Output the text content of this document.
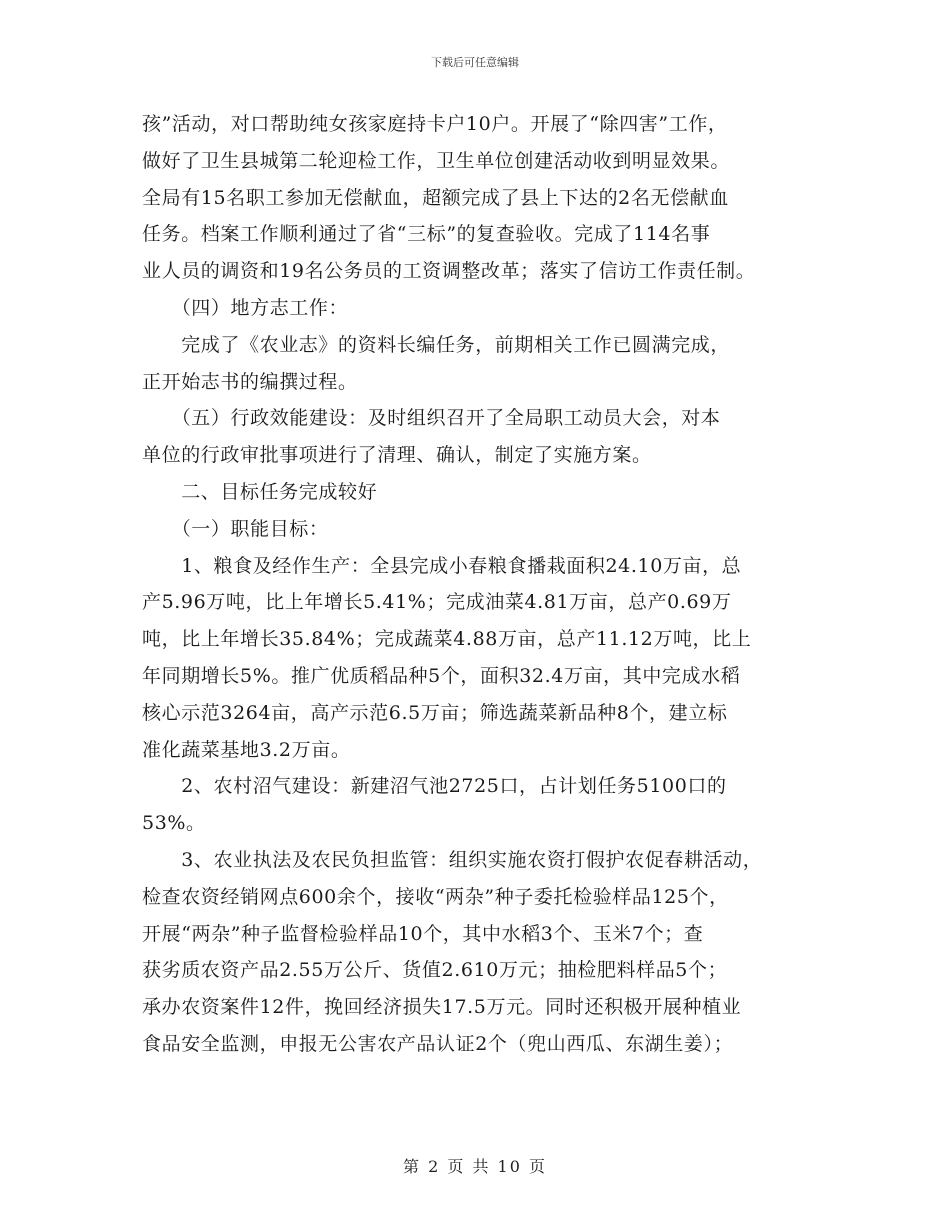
下载后可任意编辑

孩”活动，对口帮助纯女孩家庭持卡户10户。开展了“除四害”工作，
做好了卫生县城第二轮迎检工作，卫生单位创建活动收到明显效果。
全局有15名职工参加无偿献血，超额完成了县上下达的2名无偿献血
任务。档案工作顺利通过了省“三标”的复查验收。完成了114名事
业人员的调资和19名公务员的工资调整改革；落实了信访工作责任制。

　　（四）地方志工作：

　　完成了《农业志》的资料长编任务，前期相关工作已圆满完成，
正开始志书的编撰过程。

　　（五）行政效能建设：及时组织召开了全局职工动员大会，对本
单位的行政审批事项进行了清理、确认，制定了实施方案。

　　二、目标任务完成较好

　　（一）职能目标：

　　1、粮食及经作生产：全县完成小春粮食播栽面积24.10万亩，总
产5.96万吨，比上年增长5.41%；完成油菜4.81万亩，总产0.69万
吨，比上年增长35.84%；完成蔬菜4.88万亩，总产11.12万吨，比上
年同期增长5%。推广优质稻品种5个，面积32.4万亩，其中完成水稻
核心示范3264亩，高产示范6.5万亩；筛选蔬菜新品种8个，建立标
准化蔬菜基地3.2万亩。

　　2、农村沼气建设：新建沼气池2725口，占计划任务5100口的
53%。

　　3、农业执法及农民负担监管：组织实施农资打假护农促春耕活动，
检查农资经销网点600余个，接收“两杂”种子委托检验样品125个，
开展“两杂”种子监督检验样品10个，其中水稻3个、玉米7个；查
获劣质农资产品2.55万公斤、货值2.610万元；抽检肥料样品5个；
承办农资案件12件，挽回经济损失17.5万元。同时还积极开展种植业
食品安全监测，申报无公害农产品认证2个（兜山西瓜、东湖生姜）；

第 2 页 共 10 页
